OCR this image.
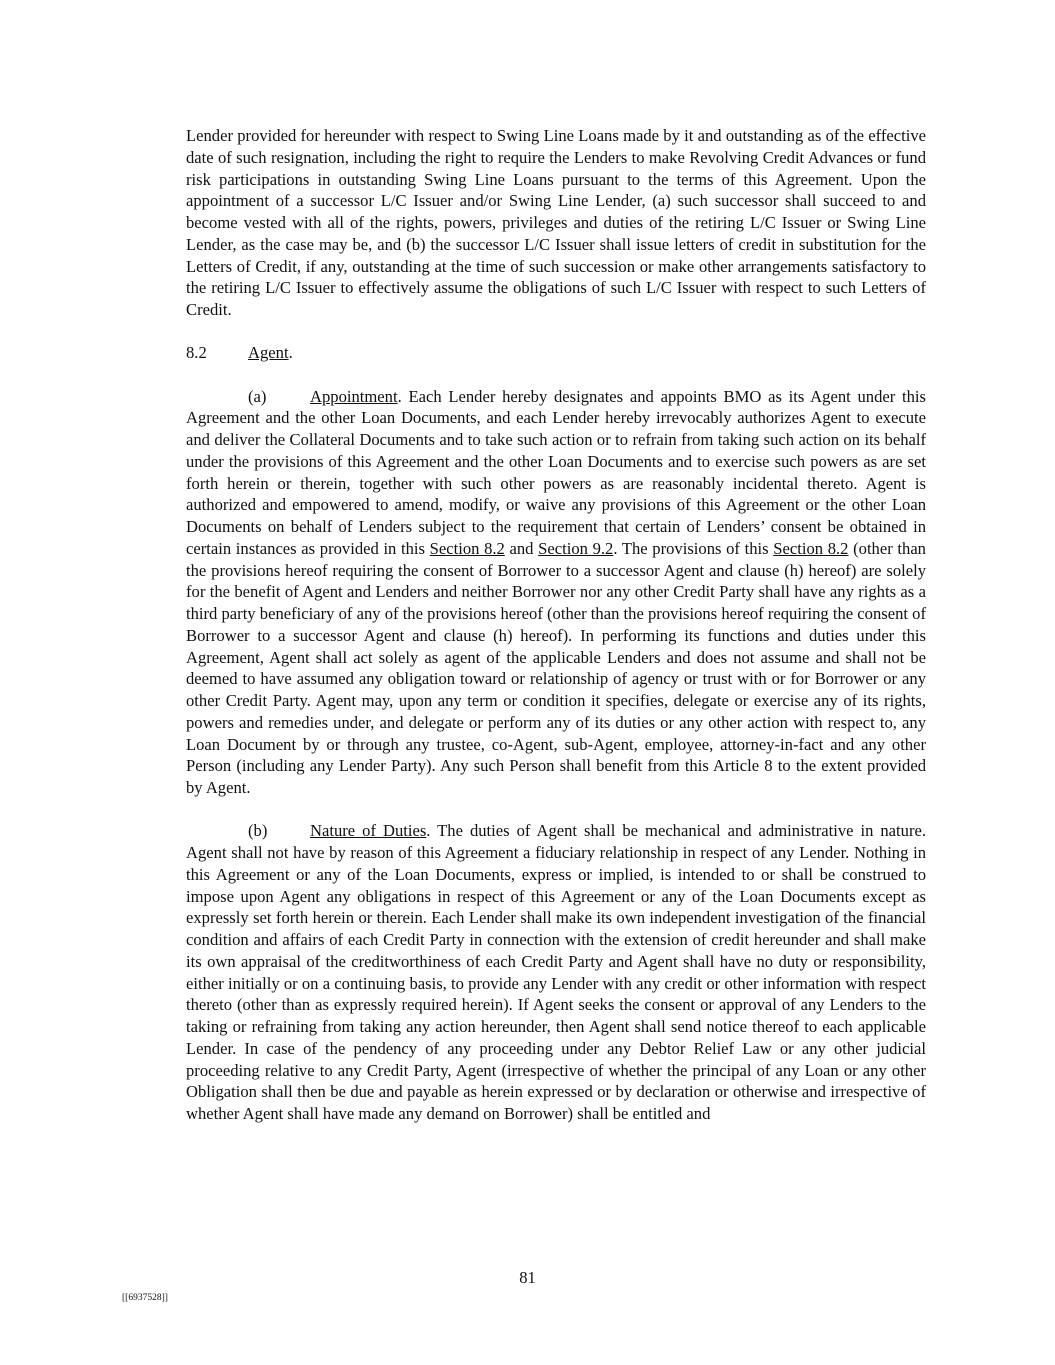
Lender provided for hereunder with respect to Swing Line Loans made by it and outstanding as of the effective date of such resignation, including the right to require the Lenders to make Revolving Credit Advances or fund risk participations in outstanding Swing Line Loans pursuant to the terms of this Agreement. Upon the appointment of a successor L/C Issuer and/or Swing Line Lender, (a) such successor shall succeed to and become vested with all of the rights, powers, privileges and duties of the retiring L/C Issuer or Swing Line Lender, as the case may be, and (b) the successor L/C Issuer shall issue letters of credit in substitution for the Letters of Credit, if any, outstanding at the time of such succession or make other arrangements satisfactory to the retiring L/C Issuer to effectively assume the obligations of such L/C Issuer with respect to such Letters of Credit.

8.2	Agent.

(a)	Appointment. Each Lender hereby designates and appoints BMO as its Agent under this Agreement and the other Loan Documents, and each Lender hereby irrevocably authorizes Agent to execute and deliver the Collateral Documents and to take such action or to refrain from taking such action on its behalf under the provisions of this Agreement and the other Loan Documents and to exercise such powers as are set forth herein or therein, together with such other powers as are reasonably incidental thereto. Agent is authorized and empowered to amend, modify, or waive any provisions of this Agreement or the other Loan Documents on behalf of Lenders subject to the requirement that certain of Lenders’ consent be obtained in certain instances as provided in this Section 8.2 and Section 9.2. The provisions of this Section 8.2 (other than the provisions hereof requiring the consent of Borrower to a successor Agent and clause (h) hereof) are solely for the benefit of Agent and Lenders and neither Borrower nor any other Credit Party shall have any rights as a third party beneficiary of any of the provisions hereof (other than the provisions hereof requiring the consent of Borrower to a successor Agent and clause (h) hereof). In performing its functions and duties under this Agreement, Agent shall act solely as agent of the applicable Lenders and does not assume and shall not be deemed to have assumed any obligation toward or relationship of agency or trust with or for Borrower or any other Credit Party. Agent may, upon any term or condition it specifies, delegate or exercise any of its rights, powers and remedies under, and delegate or perform any of its duties or any other action with respect to, any Loan Document by or through any trustee, co-Agent, sub-Agent, employee, attorney-in-fact and any other Person (including any Lender Party). Any such Person shall benefit from this Article 8 to the extent provided by Agent.

(b)	Nature of Duties. The duties of Agent shall be mechanical and administrative in nature. Agent shall not have by reason of this Agreement a fiduciary relationship in respect of any Lender. Nothing in this Agreement or any of the Loan Documents, express or implied, is intended to or shall be construed to impose upon Agent any obligations in respect of this Agreement or any of the Loan Documents except as expressly set forth herein or therein. Each Lender shall make its own independent investigation of the financial condition and affairs of each Credit Party in connection with the extension of credit hereunder and shall make its own appraisal of the creditworthiness of each Credit Party and Agent shall have no duty or responsibility, either initially or on a continuing basis, to provide any Lender with any credit or other information with respect thereto (other than as expressly required herein). If Agent seeks the consent or approval of any Lenders to the taking or refraining from taking any action hereunder, then Agent shall send notice thereof to each applicable Lender. In case of the pendency of any proceeding under any Debtor Relief Law or any other judicial proceeding relative to any Credit Party, Agent (irrespective of whether the principal of any Loan or any other Obligation shall then be due and payable as herein expressed or by declaration or otherwise and irrespective of whether Agent shall have made any demand on Borrower) shall be entitled and

81
[[6937528]]
